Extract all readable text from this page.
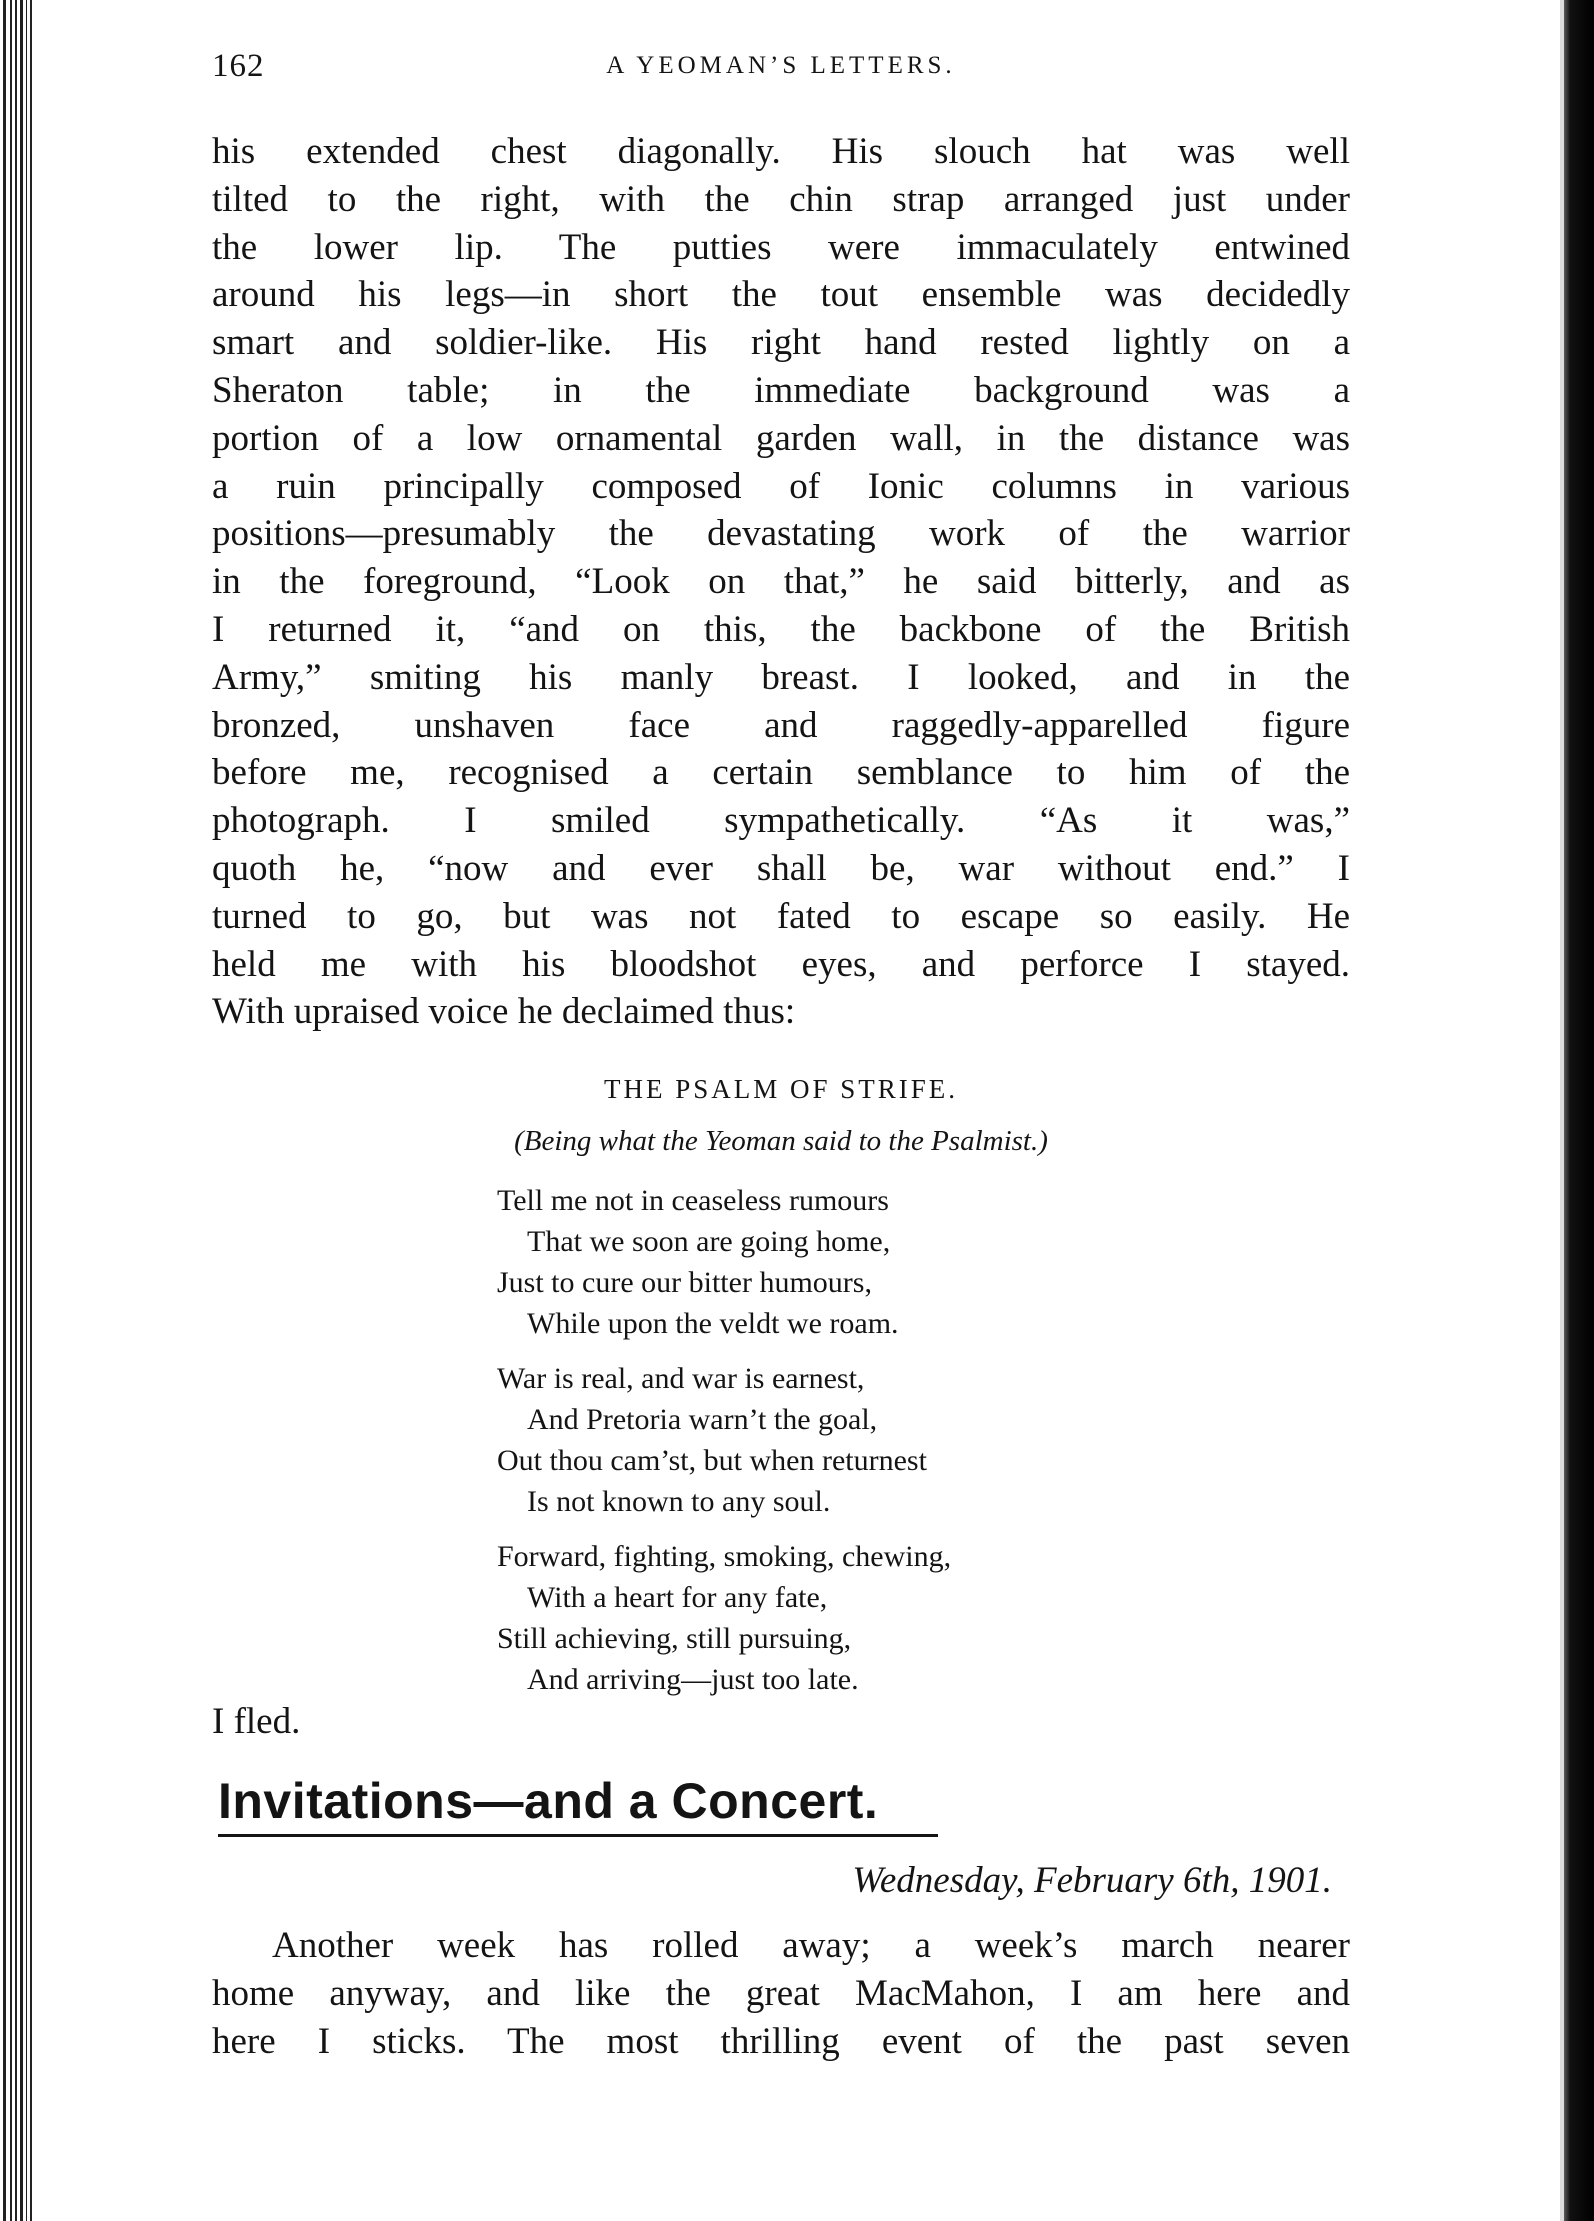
162	A YEOMAN’S LETTERS.

his extended chest diagonally. His slouch hat was well
tilted to the right, with the chin strap arranged just under
the lower lip. The putties were immaculately entwined
around his legs—in short the tout ensemble was decidedly
smart and soldier-like. His right hand rested lightly on a
Sheraton table; in the immediate background was a
portion of a low ornamental garden wall, in the distance was
a ruin principally composed of Ionic columns in various
positions—presumably the devastating work of the warrior
in the foreground, “Look on that,” he said bitterly, and as
I returned it, “and on this, the backbone of the British
Army,” smiting his manly breast. I looked, and in the
bronzed, unshaven face and raggedly-apparelled figure
before me, recognised a certain semblance to him of the
photograph. I smiled sympathetically. “As it was,”
quoth he, “now and ever shall be, war without end.” I
turned to go, but was not fated to escape so easily. He
held me with his bloodshot eyes, and perforce I stayed.
With upraised voice he declaimed thus:

THE PSALM OF STRIFE.
(Being what the Yeoman said to the Psalmist.)
Tell me not in ceaseless rumours
That we soon are going home,
Just to cure our bitter humours,
While upon the veldt we roam.
War is real, and war is earnest,
And Pretoria warn’t the goal,
Out thou cam’st, but when returnest
Is not known to any soul.
Forward, fighting, smoking, chewing,
With a heart for any fate,
Still achieving, still pursuing,
And arriving—just too late.
I fled.
Invitations—and a Concert.
Wednesday, February 6th, 1901.

Another week has rolled away; a week’s march nearer
home anyway, and like the great MacMahon, I am here and
here I sticks. The most thrilling event of the past seven
